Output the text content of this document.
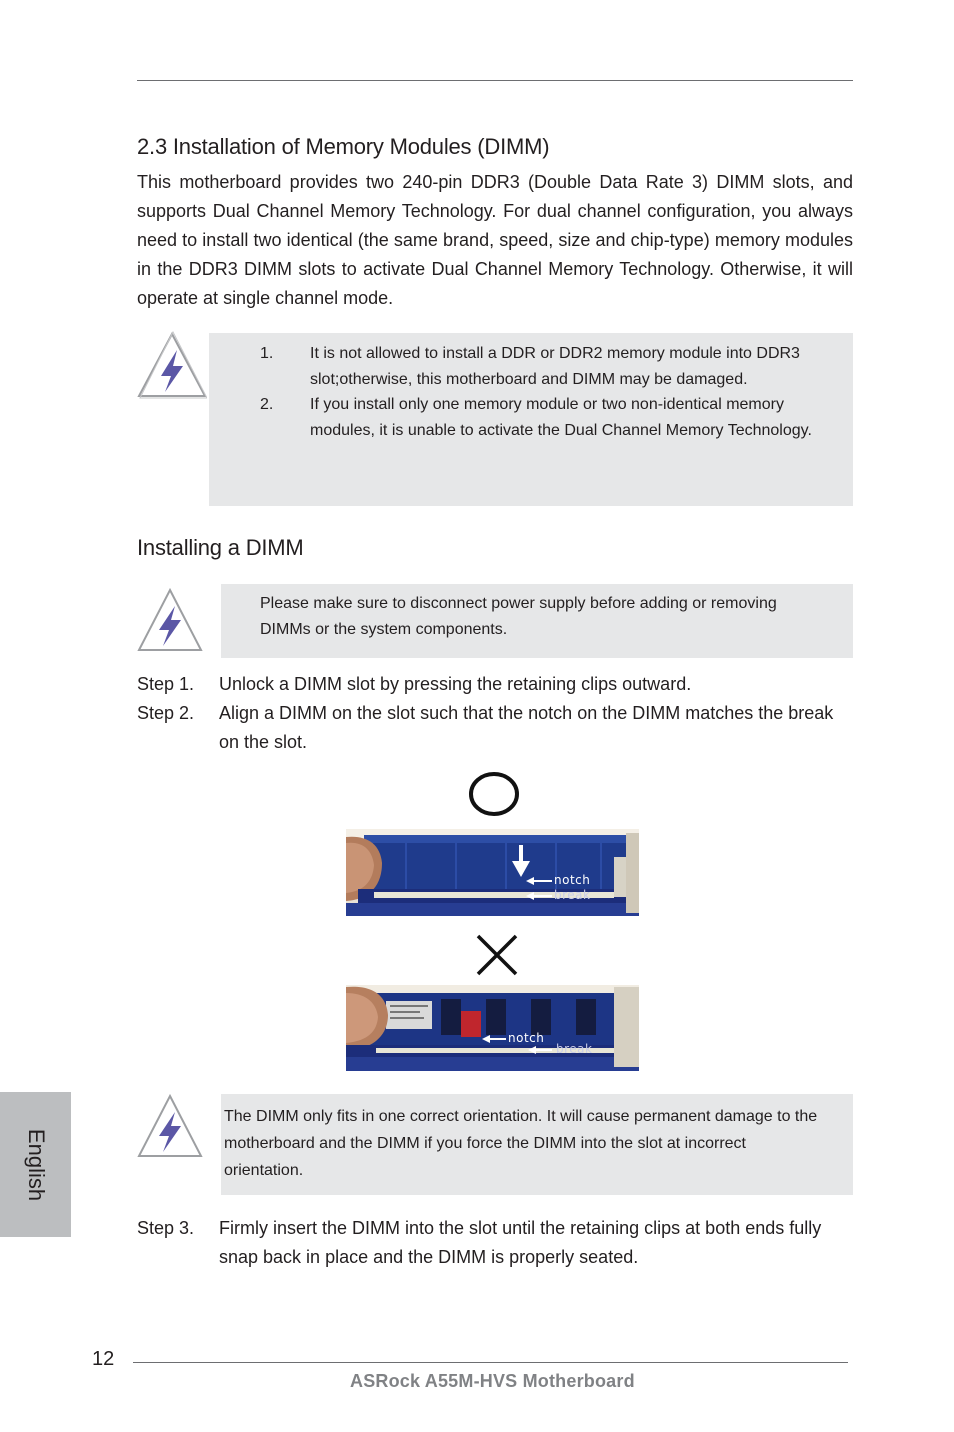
2.3 Installation of Memory Modules (DIMM)
This motherboard provides two 240-pin DDR3 (Double Data Rate 3) DIMM slots, and supports Dual Channel Memory Technology. For dual channel configuration, you always need to install two identical (the same brand, speed, size and chip-type) memory modules in the DDR3 DIMM slots to activate Dual Channel Memory Technology. Otherwise, it will operate at single channel mode.
1.	It is not allowed to install a DDR or DDR2 memory module into DDR3 slot;otherwise, this motherboard and DIMM may be damaged.
2.	If you install only one memory module or two non-identical memory modules, it is unable to activate the Dual Channel Memory Technology.
Installing a DIMM
Please make sure to disconnect power supply before adding or removing DIMMs or the system components.
Step 1.	Unlock a DIMM slot by pressing the retaining clips outward.
Step 2.	Align a DIMM on the slot such that the notch on the DIMM matches the break on the slot.
notch
break
notch
break
The DIMM only fits in one correct orientation. It will cause permanent damage to the motherboard and the DIMM if you force the DIMM into the slot at incorrect orientation.
Step 3.	Firmly insert the DIMM into the slot until the retaining clips at both ends fully snap back in place and the DIMM is properly seated.
English
12
ASRock A55M-HVS Motherboard
